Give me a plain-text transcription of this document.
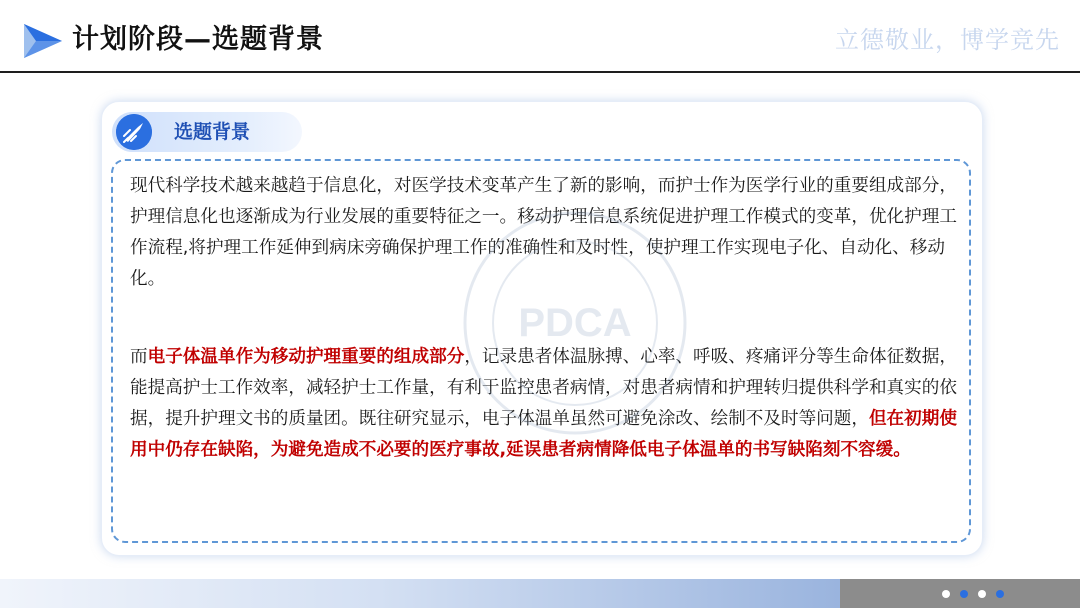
计划阶段—选题背景	立德敬业，博学竞先
选题背景

现代科学技术越来越趋于信息化，对医学技术变革产生了新的影响，而护士作为医学行业的重要组成部分，护理信息化也逐渐成为行业发展的重要特征之一。移动护理信息系统促进护理工作模式的变革，优化护理工作流程,将护理工作延伸到病床旁确保护理工作的准确性和及时性，使护理工作实现电子化、自动化、移动化。

而电子体温单作为移动护理重要的组成部分，记录患者体温脉搏、心率、呼吸、疼痛评分等生命体征数据，能提高护士工作效率，减轻护士工作量，有利于监控患者病情，对患者病情和护理转归提供科学和真实的依据，提升护理文书的质量团。既往研究显示，电子体温单虽然可避免涂改、绘制不及时等问题，但在初期使用中仍存在缺陷，为避免造成不必要的医疗事故,延误患者病情降低电子体温单的书写缺陷刻不容缓。

PDCA
